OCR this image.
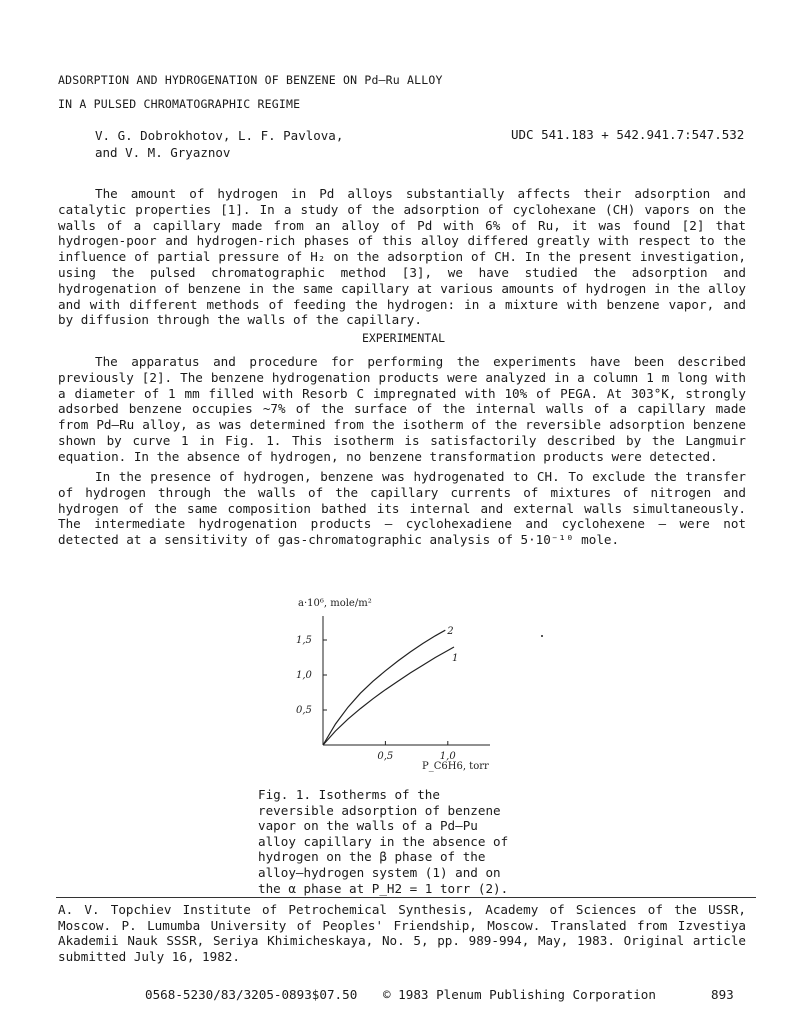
ADSORPTION AND HYDROGENATION OF BENZENE ON Pd—Ru ALLOY
IN A PULSED CHROMATOGRAPHIC REGIME
V. G. Dobrokhotov, L. F. Pavlova,
and V. M. Gryaznov
UDC 541.183 + 542.941.7:547.532
The amount of hydrogen in Pd alloys substantially affects their adsorption and catalytic properties [1]. In a study of the adsorption of cyclohexane (CH) vapors on the walls of a capillary made from an alloy of Pd with 6% of Ru, it was found [2] that hydrogen-poor and hydrogen-rich phases of this alloy differed greatly with respect to the influence of partial pressure of H₂ on the adsorption of CH. In the present investigation, using the pulsed chromatographic method [3], we have studied the adsorption and hydrogenation of benzene in the same capillary at various amounts of hydrogen in the alloy and with different methods of feeding the hydrogen: in a mixture with benzene vapor, and by diffusion through the walls of the capillary.
EXPERIMENTAL
The apparatus and procedure for performing the experiments have been described previously [2]. The benzene hydrogenation products were analyzed in a column 1 m long with a diameter of 1 mm filled with Resorb C impregnated with 10% of PEGA. At 303°K, strongly adsorbed benzene occupies ~7% of the surface of the internal walls of a capillary made from Pd—Ru alloy, as was determined from the isotherm of the reversible adsorption benzene shown by curve 1 in Fig. 1. This isotherm is satisfactorily described by the Langmuir equation. In the absence of hydrogen, no benzene transformation products were detected.
In the presence of hydrogen, benzene was hydrogenated to CH. To exclude the transfer of hydrogen through the walls of the capillary currents of mixtures of nitrogen and hydrogen of the same composition bathed its internal and external walls simultaneously. The intermediate hydrogenation products — cyclohexadiene and cyclohexene — were not detected at a sensitivity of gas-chromatographic analysis of 5·10⁻¹⁰ mole.
a·10⁶, mole/m²
P_C6H6, torr
1,5
1,0
0,5
0,5	1,0
1
2
Fig. 1. Isotherms of the reversible adsorption of benzene vapor on the walls of a Pd—Pu alloy capillary in the absence of hydrogen on the β phase of the alloy—hydrogen system (1) and on the α phase at P_H2 = 1 torr (2).
A. V. Topchiev Institute of Petrochemical Synthesis, Academy of Sciences of the USSR, Moscow. P. Lumumba University of Peoples' Friendship, Moscow. Translated from Izvestiya Akademii Nauk SSSR, Seriya Khimicheskaya, No. 5, pp. 989-994, May, 1983. Original article submitted July 16, 1982.
0568-5230/83/3205-0893$07.50 © 1983 Plenum Publishing Corporation	893
